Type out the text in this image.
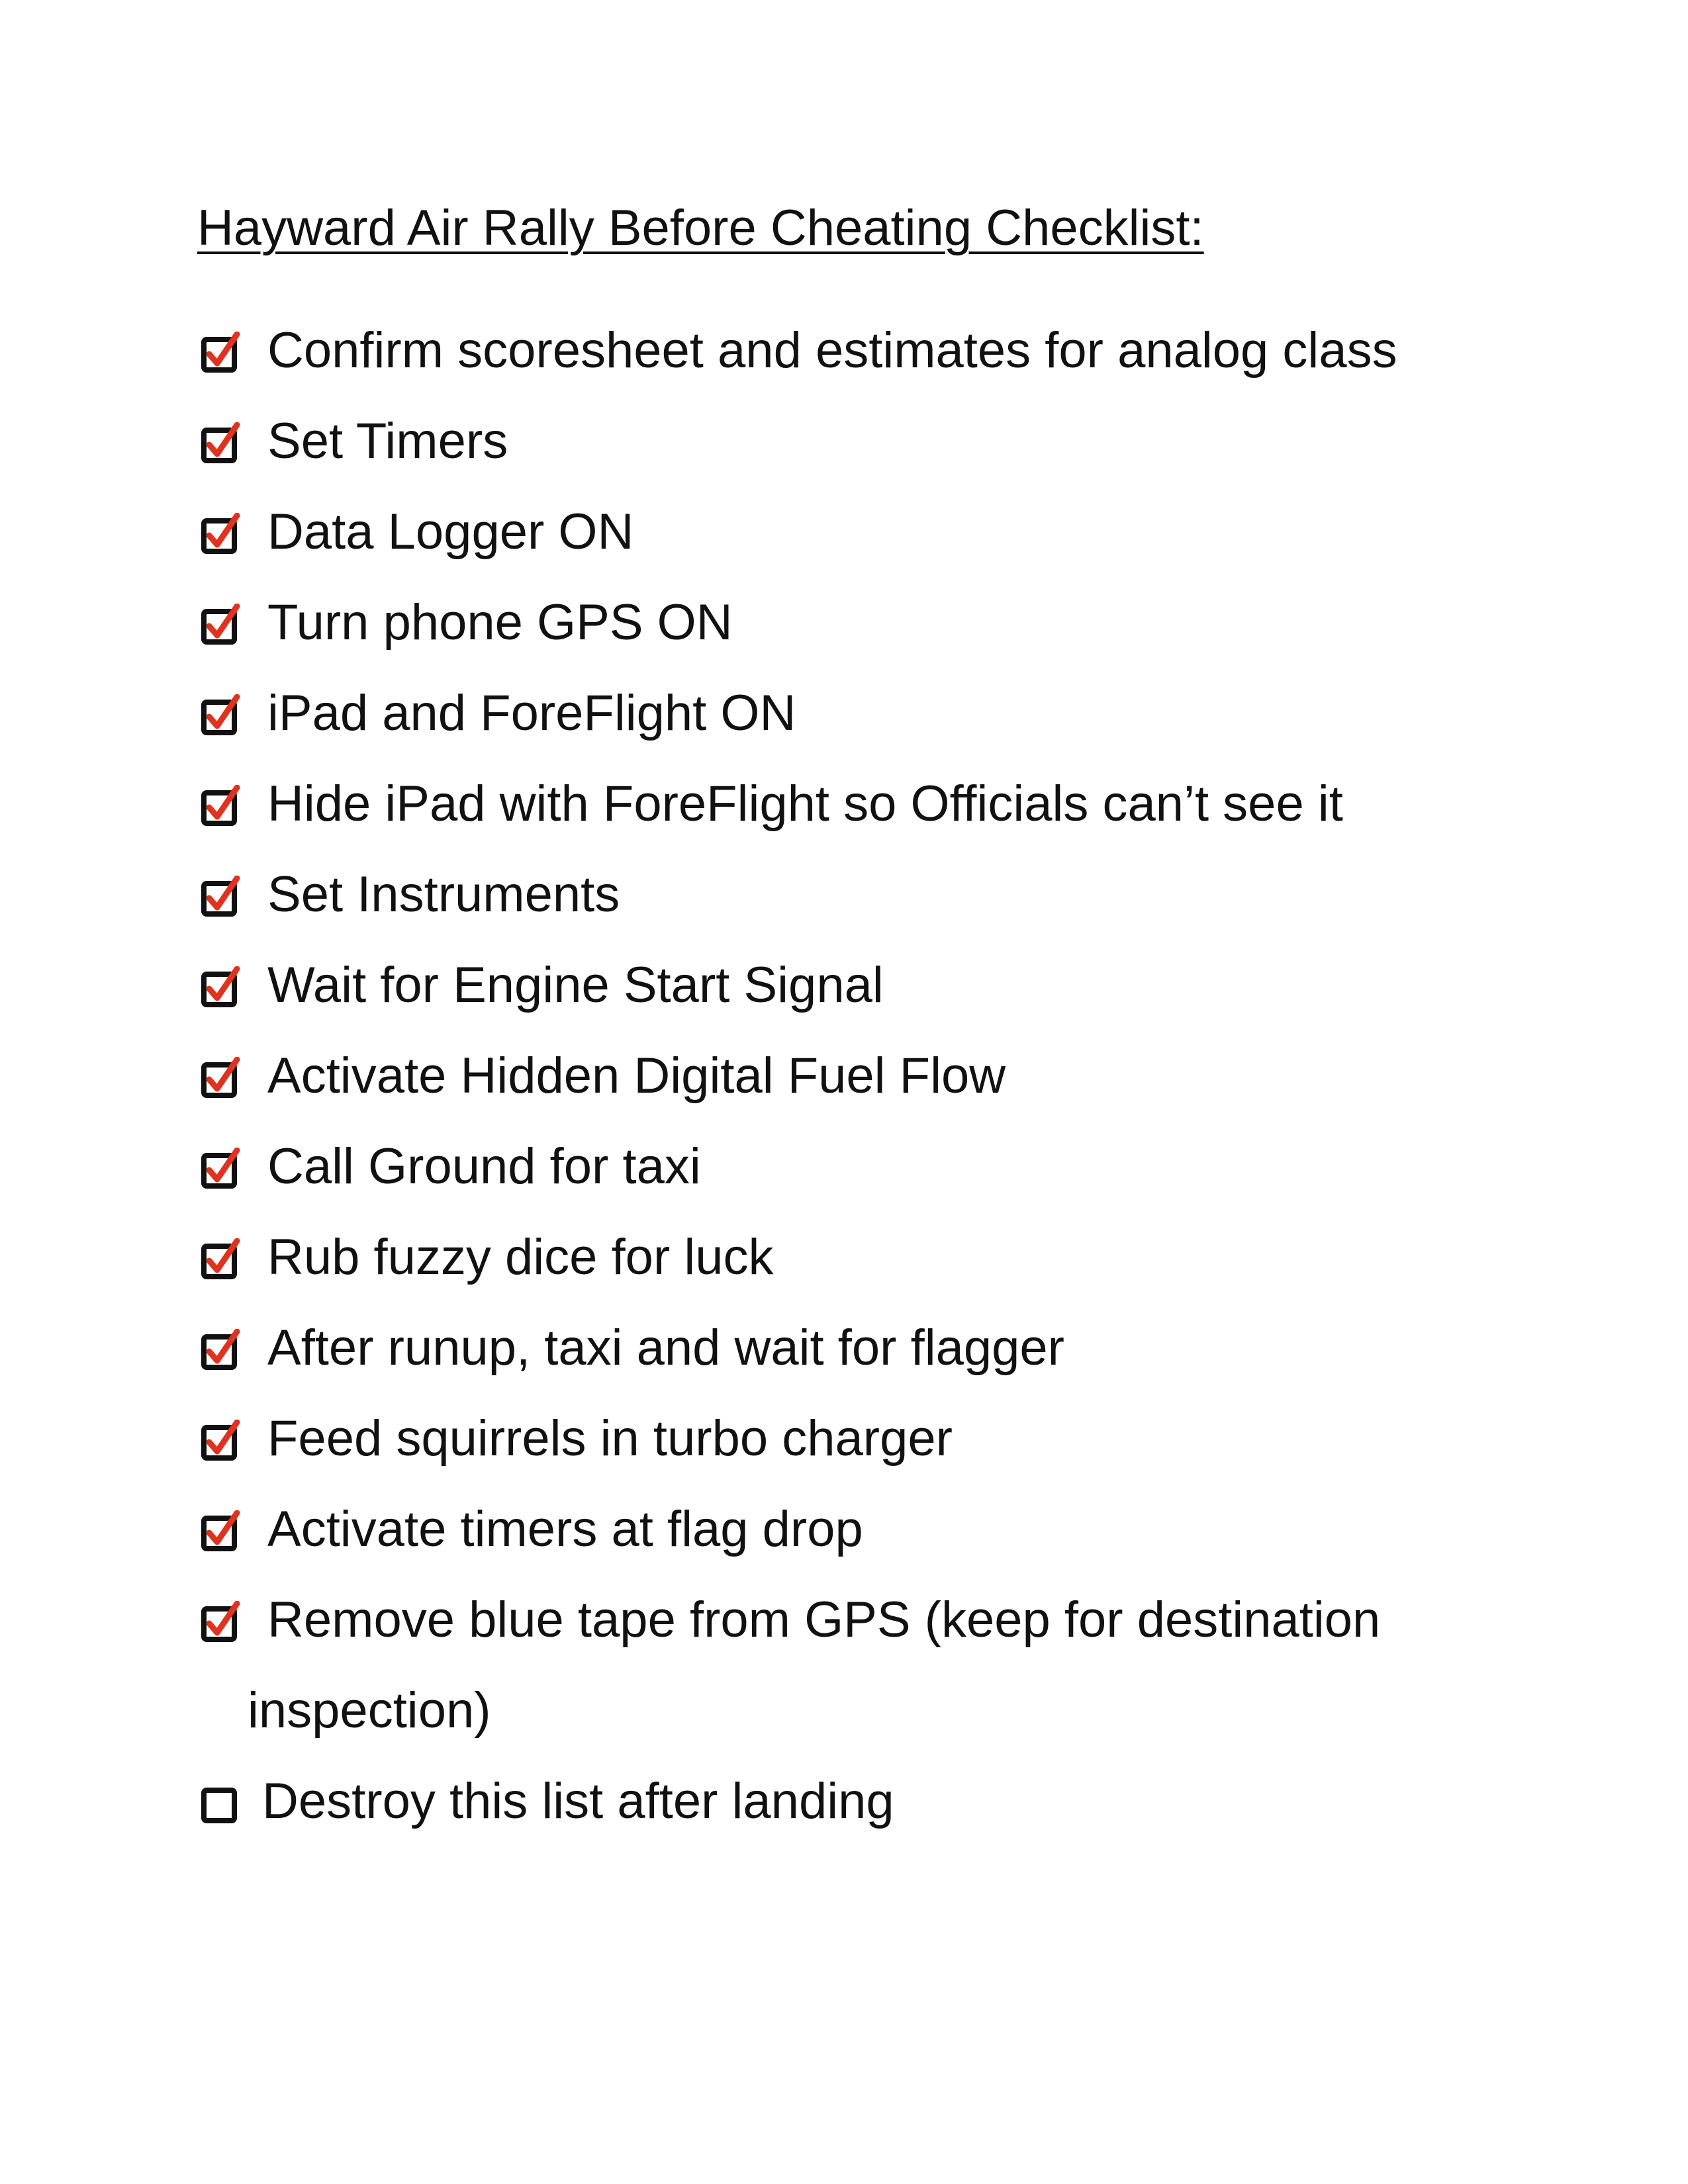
Hayward Air Rally Before Cheating Checklist:
Confirm scoresheet and estimates for analog class
Set Timers
Data Logger ON
Turn phone GPS ON
iPad and ForeFlight ON
Hide iPad with ForeFlight so Officials can’t see it
Set Instruments
Wait for Engine Start Signal
Activate Hidden Digital Fuel Flow
Call Ground for taxi
Rub fuzzy dice for luck
After runup, taxi and wait for flagger
Feed squirrels in turbo charger
Activate timers at flag drop
Remove blue tape from GPS (keep for destination
inspection)
Destroy this list after landing
